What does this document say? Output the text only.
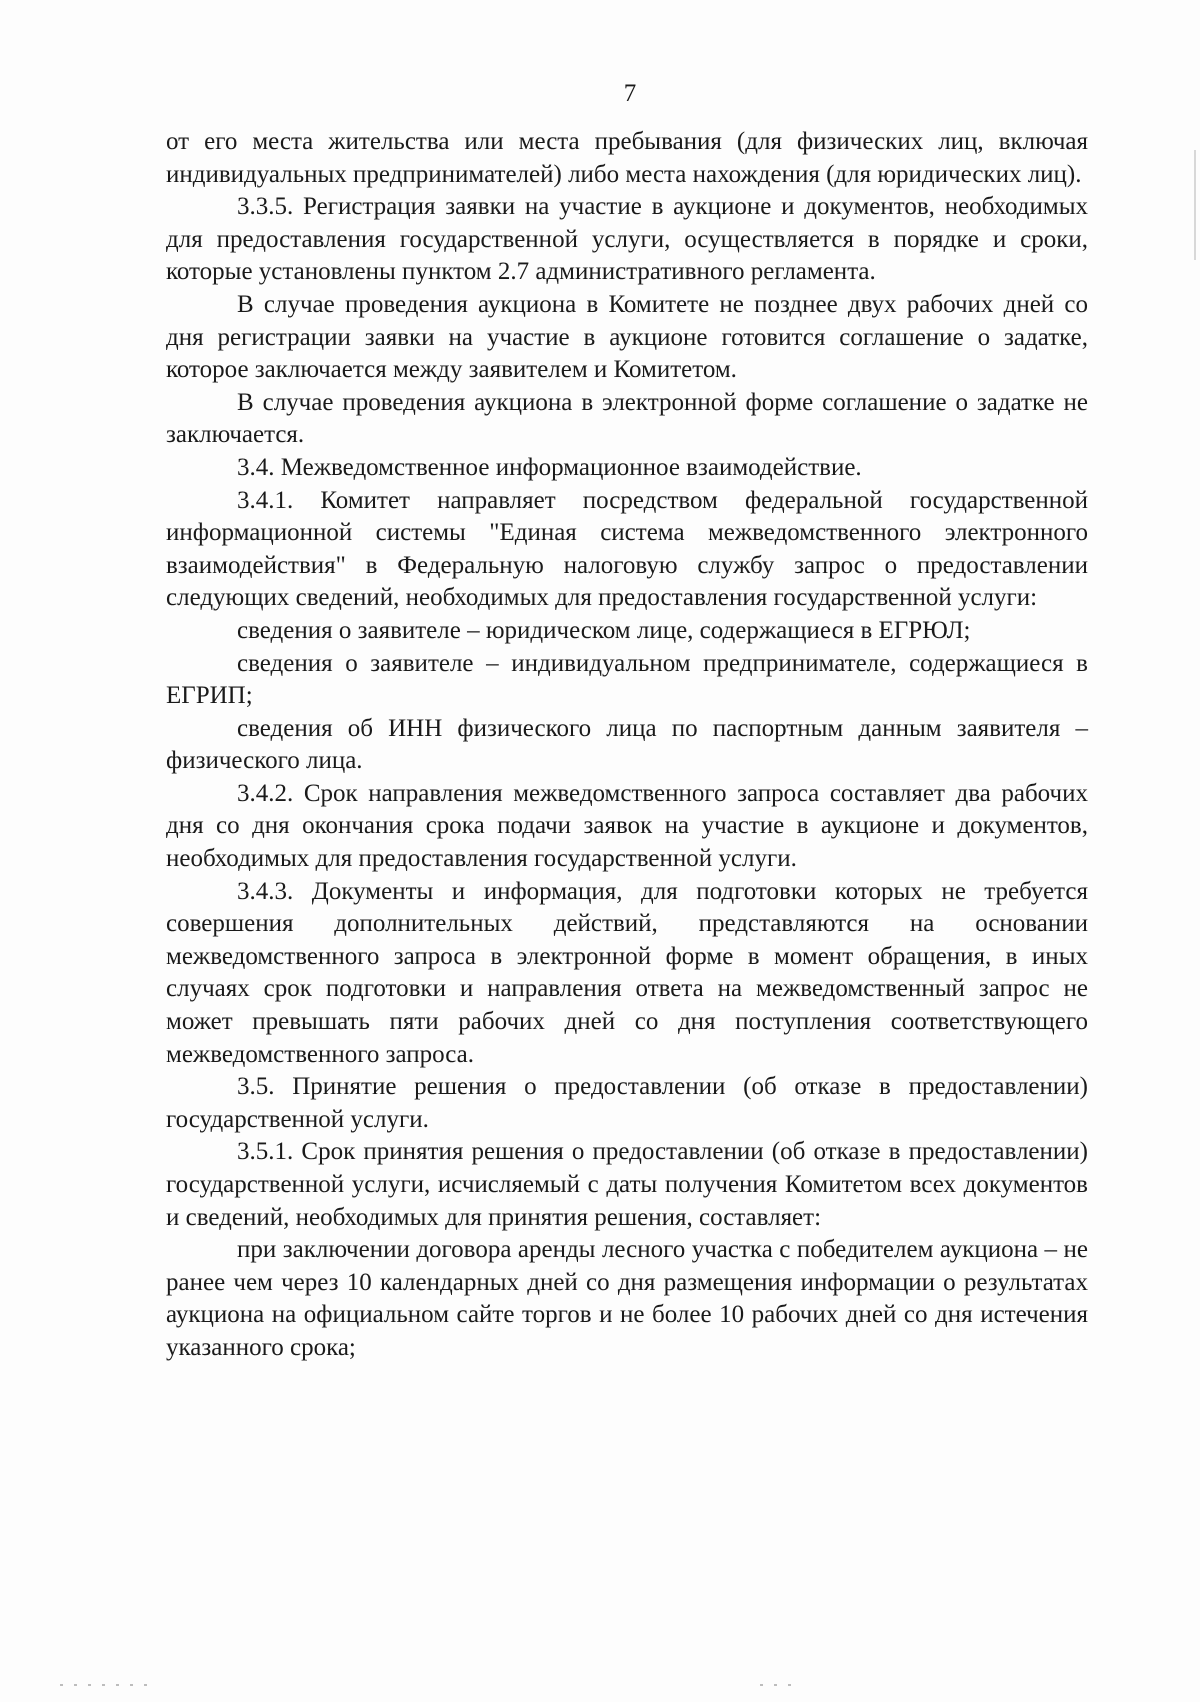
7

от его места жительства или места пребывания (для физических лиц, включая индивидуальных предпринимателей) либо места нахождения (для юридических лиц).

3.3.5. Регистрация заявки на участие в аукционе и документов, необходимых для предоставления государственной услуги, осуществляется в порядке и сроки, которые установлены пунктом 2.7 административного регламента.

В случае проведения аукциона в Комитете не позднее двух рабочих дней со дня регистрации заявки на участие в аукционе готовится соглашение о задатке, которое заключается между заявителем и Комитетом.

В случае проведения аукциона в электронной форме соглашение о задатке не заключается.

3.4. Межведомственное информационное взаимодействие.

3.4.1. Комитет направляет посредством федеральной государственной информационной системы "Единая система межведомственного электронного взаимодействия" в Федеральную налоговую службу запрос о предоставлении следующих сведений, необходимых для предоставления государственной услуги:

сведения о заявителе – юридическом лице, содержащиеся в ЕГРЮЛ;

сведения о заявителе – индивидуальном предпринимателе, содержащиеся в ЕГРИП;

сведения об ИНН физического лица по паспортным данным заявителя – физического лица.

3.4.2. Срок направления межведомственного запроса составляет два рабочих дня со дня окончания срока подачи заявок на участие в аукционе и документов, необходимых для предоставления государственной услуги.

3.4.3. Документы и информация, для подготовки которых не требуется совершения дополнительных действий, представляются на основании межведомственного запроса в электронной форме в момент обращения, в иных случаях срок подготовки и направления ответа на межведомственный запрос не может превышать пяти рабочих дней со дня поступления соответствующего межведомственного запроса.

3.5. Принятие решения о предоставлении (об отказе в предоставлении) государственной услуги.

3.5.1. Срок принятия решения о предоставлении (об отказе в предоставлении) государственной услуги, исчисляемый с даты получения Комитетом всех документов и сведений, необходимых для принятия решения, составляет:

при заключении договора аренды лесного участка с победителем аукциона – не ранее чем через 10 календарных дней со дня размещения информации о результатах аукциона на официальном сайте торгов и не более 10 рабочих дней со дня истечения указанного срока;
